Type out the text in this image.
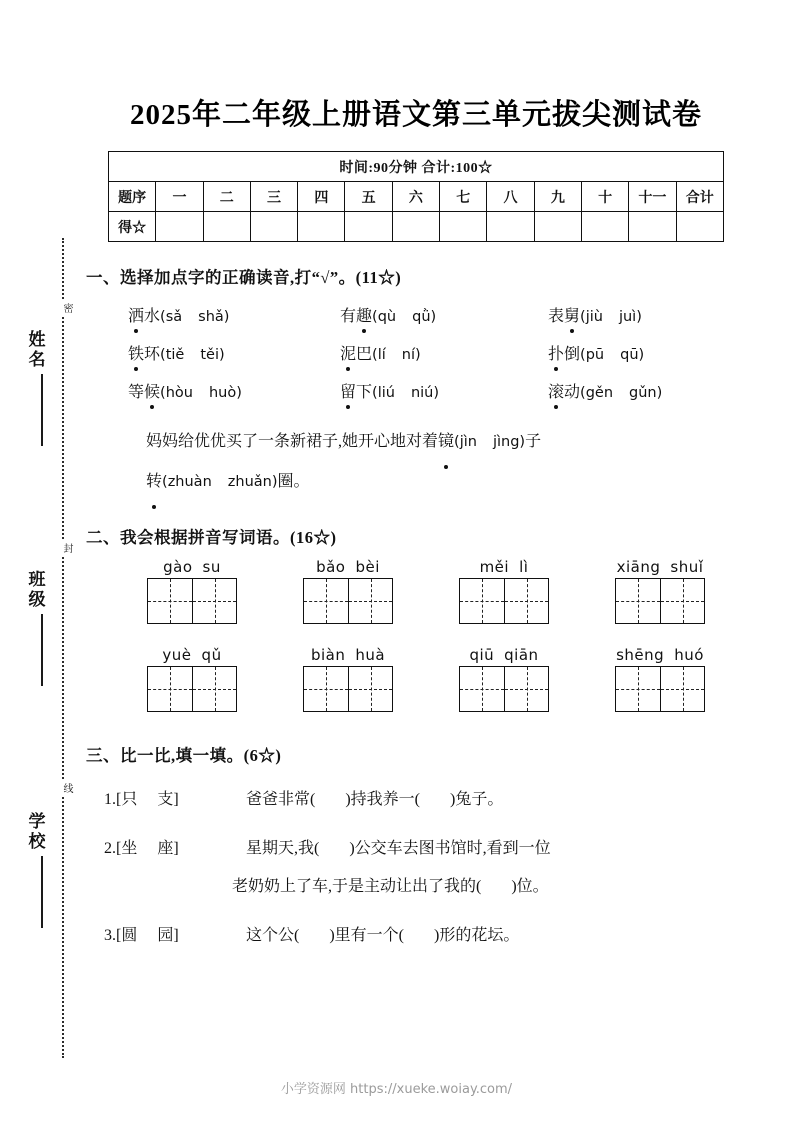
密
封
线
姓名
班级
学校
2025年二年级上册语文第三单元拔尖测试卷
时间:90分钟 合计:100☆												
题序	一	二	三	四	五	六	七	八	九	十	十一	合计
得☆												
一、选择加点字的正确读音,打“√”。(11☆)
洒水(sǎ shǎ)	有趣(qù qǜ)	表舅(jiù juì)
铁环(tiě těi)	泥巴(lí ní)	扑倒(pū qū)
等候(hòu huò)	留下(liú niú)	滚动(gěn gǔn)
妈妈给优优买了一条新裙子,她开心地对着镜(jìn jìng)子
转(zhuàn zhuǎn)圈。
二、我会根据拼音写词语。(16☆)
gào su	bǎo bèi	měi lì	xiāng shuǐ
yuè qǔ	biàn huà	qiū qiān	shēng huó
三、比一比,填一填。(6☆)
1.[只 支]	爸爸非常( )持我养一( )兔子。
2.[坐 座]	星期天,我( )公交车去图书馆时,看到一位
老奶奶上了车,于是主动让出了我的( )位。
3.[圆 园]	这个公( )里有一个( )形的花坛。
小学资源网 https://xueke.woiay.com/
